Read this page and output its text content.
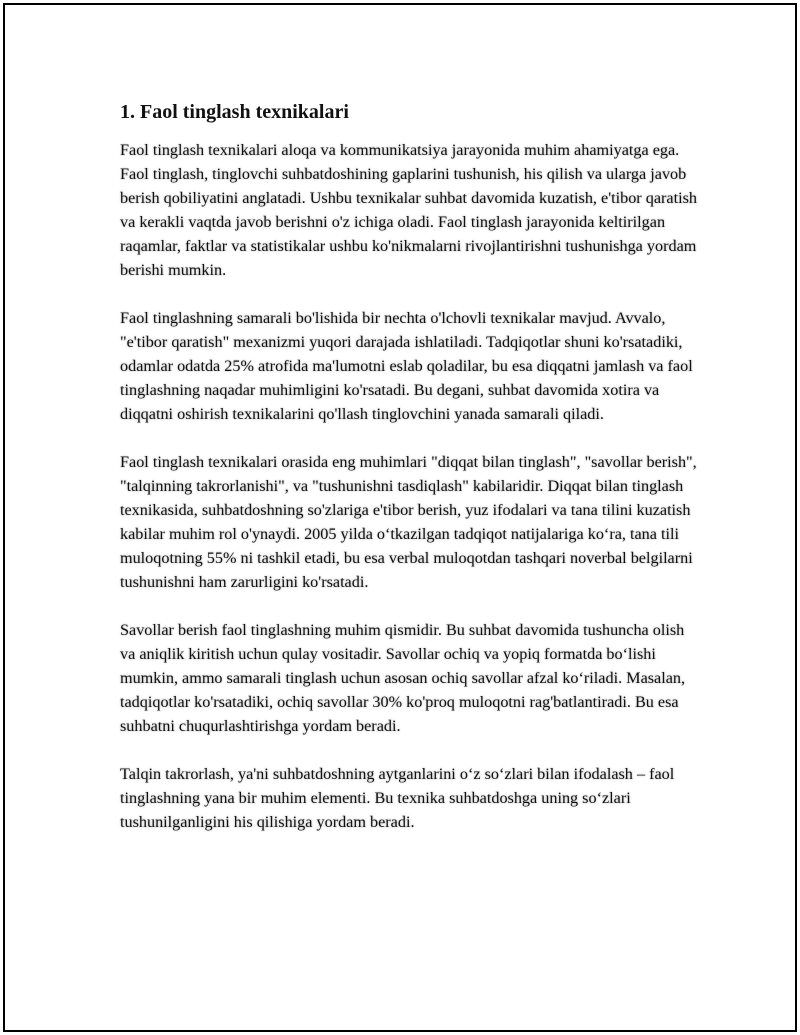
1. Faol tinglash texnikalari

Faol tinglash texnikalari aloqa va kommunikatsiya jarayonida muhim ahamiyatga ega. Faol tinglash, tinglovchi suhbatdoshining gaplarini tushunish, his qilish va ularga javob berish qobiliyatini anglatadi. Ushbu texnikalar suhbat davomida kuzatish, e'tibor qaratish va kerakli vaqtda javob berishni o'z ichiga oladi. Faol tinglash jarayonida keltirilgan raqamlar, faktlar va statistikalar ushbu ko'nikmalarni rivojlantirishni tushunishga yordam berishi mumkin.

Faol tinglashning samarali bo'lishida bir nechta o'lchovli texnikalar mavjud. Avvalo, "e'tibor qaratish" mexanizmi yuqori darajada ishlatiladi. Tadqiqotlar shuni ko'rsatadiki, odamlar odatda 25% atrofida ma'lumotni eslab qoladilar, bu esa diqqatni jamlash va faol tinglashning naqadar muhimligini ko'rsatadi. Bu degani, suhbat davomida xotira va diqqatni oshirish texnikalarini qo'llash tinglovchini yanada samarali qiladi.

Faol tinglash texnikalari orasida eng muhimlari "diqqat bilan tinglash", "savollar berish", "talqinning takrorlanishi", va "tushunishni tasdiqlash" kabilaridir. Diqqat bilan tinglash texnikasida, suhbatdoshning so'zlariga e'tibor berish, yuz ifodalari va tana tilini kuzatish kabilar muhim rol o'ynaydi. 2005 yilda o‘tkazilgan tadqiqot natijalariga ko‘ra, tana tili muloqotning 55% ni tashkil etadi, bu esa verbal muloqotdan tashqari noverbal belgilarni tushunishni ham zarurligini ko'rsatadi.

Savollar berish faol tinglashning muhim qismidir. Bu suhbat davomida tushuncha olish va aniqlik kiritish uchun qulay vositadir. Savollar ochiq va yopiq formatda bo‘lishi mumkin, ammo samarali tinglash uchun asosan ochiq savollar afzal ko‘riladi. Masalan, tadqiqotlar ko'rsatadiki, ochiq savollar 30% ko'proq muloqotni rag'batlantiradi. Bu esa suhbatni chuqurlashtirishga yordam beradi.

Talqin takrorlash, ya'ni suhbatdoshning aytganlarini o‘z so‘zlari bilan ifodalash – faol tinglashning yana bir muhim elementi. Bu texnika suhbatdoshga uning so‘zlari tushunilganligini his qilishiga yordam beradi.
